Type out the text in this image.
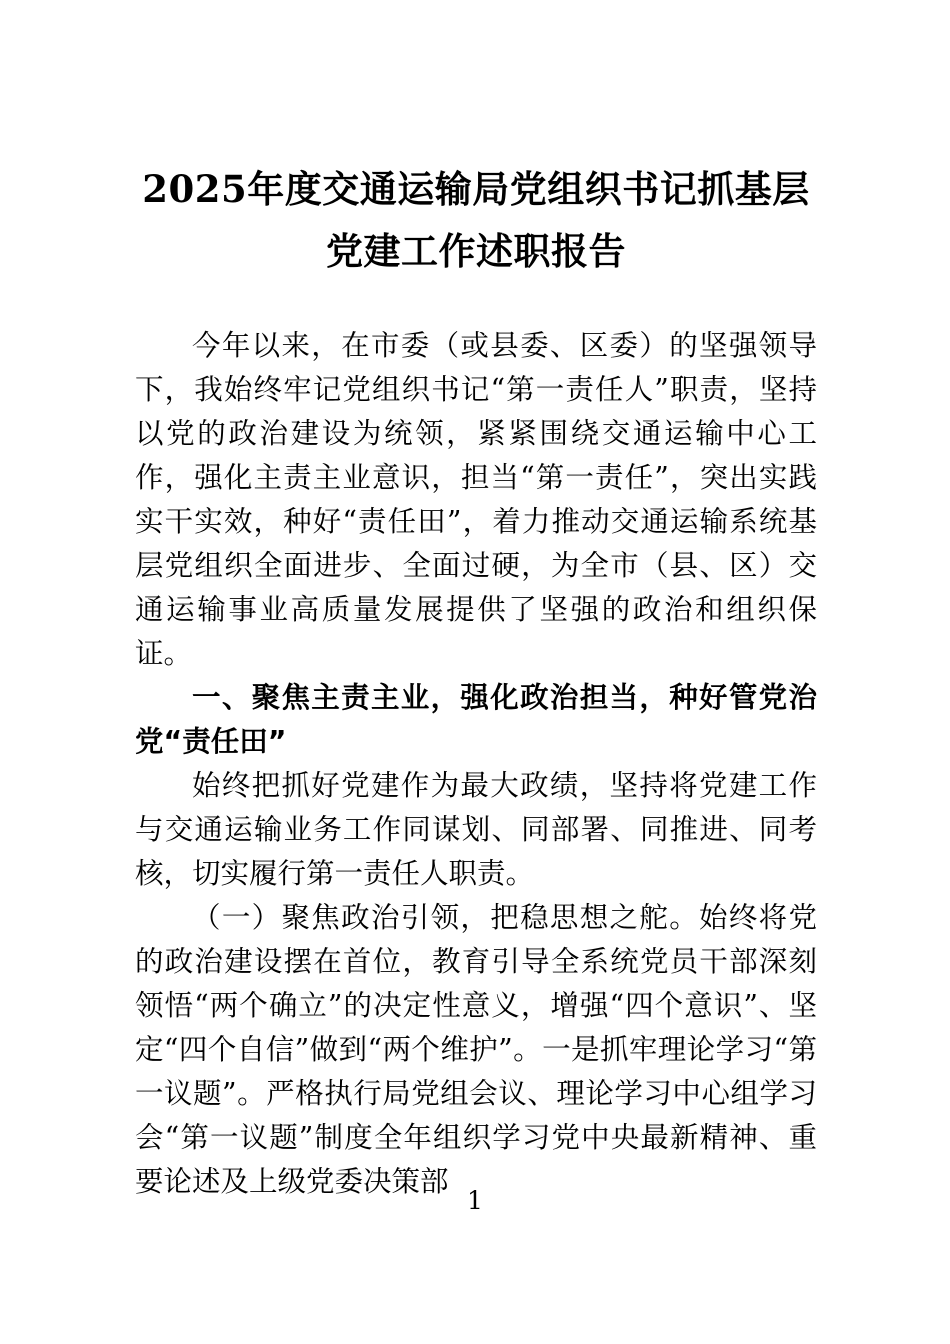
2025年度交通运输局党组织书记抓基层党建工作述职报告

今年以来，在市委（或县委、区委）的坚强领导下，我始终牢记党组织书记“第一责任人”职责，坚持以党的政治建设为统领，紧紧围绕交通运输中心工作，强化主责主业意识，担当“第一责任”，突出实践实干实效，种好“责任田”，着力推动交通运输系统基层党组织全面进步、全面过硬，为全市（县、区）交通运输事业高质量发展提供了坚强的政治和组织保证。

一、聚焦主责主业，强化政治担当，种好管党治党“责任田”

始终把抓好党建作为最大政绩，坚持将党建工作与交通运输业务工作同谋划、同部署、同推进、同考核，切实履行第一责任人职责。

（一）聚焦政治引领，把稳思想之舵。始终将党的政治建设摆在首位，教育引导全系统党员干部深刻领悟“两个确立”的决定性意义，增强“四个意识”、坚定“四个自信”做到“两个维护”。一是抓牢理论学习“第一议题”。严格执行局党组会议、理论学习中心组学习会“第一议题”制度全年组织学习党中央最新精神、重要论述及上级党委决策部

1
